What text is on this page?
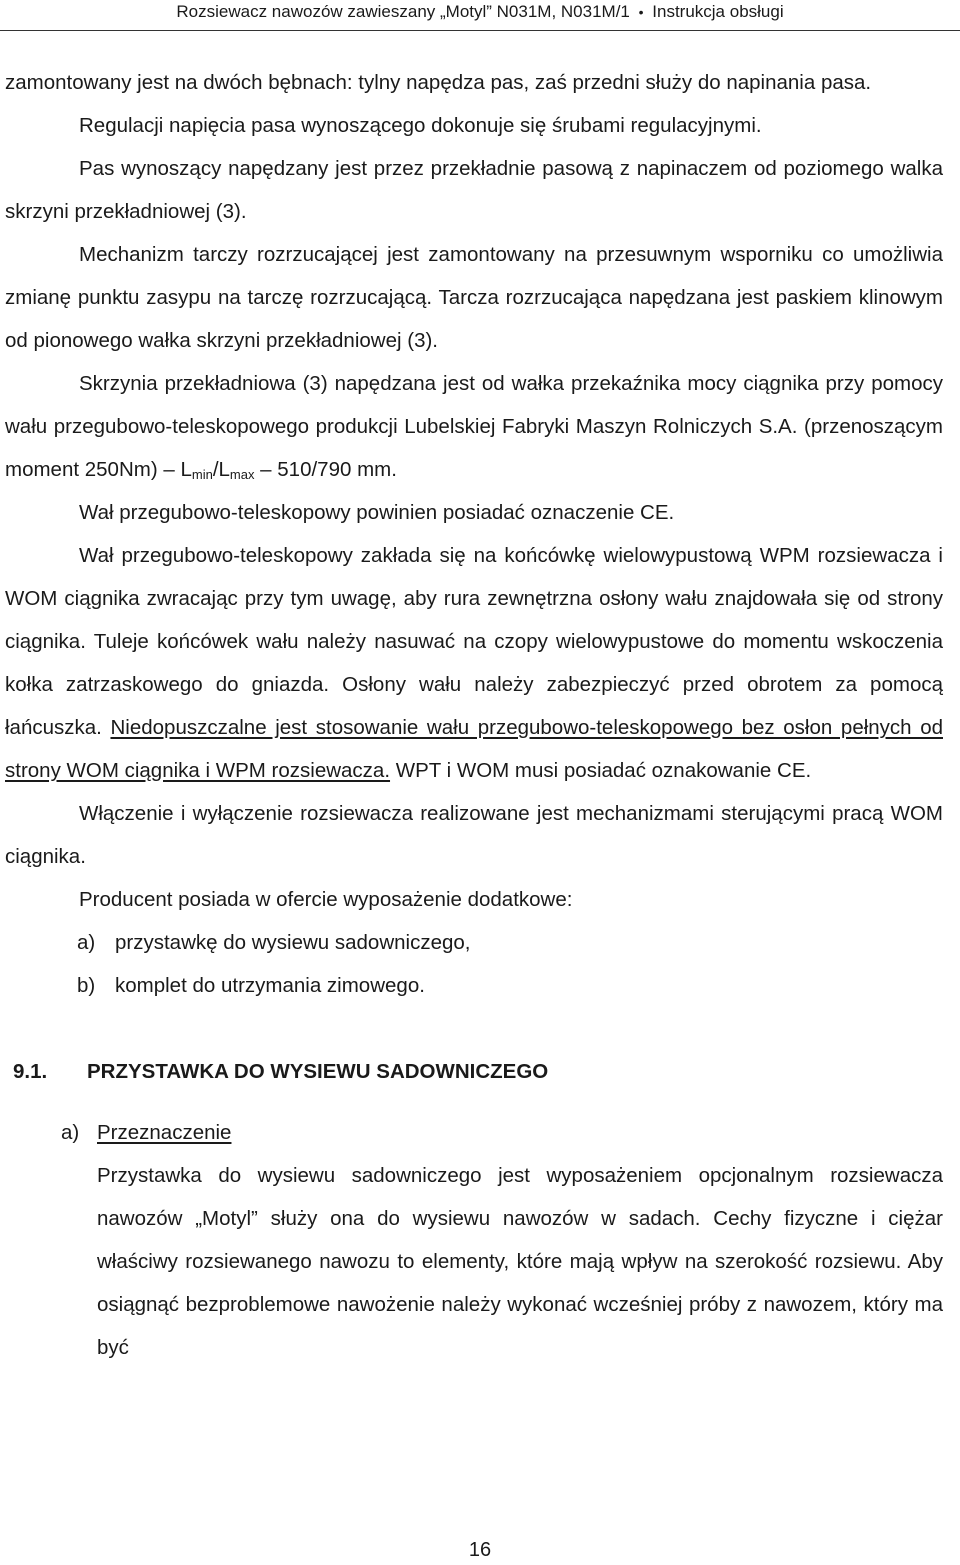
Rozsiewacz nawozów zawieszany „Motyl” N031M, N031M/1 • Instrukcja obsługi

zamontowany jest na dwóch bębnach: tylny napędza pas, zaś przedni służy do napinania pasa.

Regulacji napięcia pasa wynoszącego dokonuje się śrubami regulacyjnymi.

Pas wynoszący napędzany jest przez przekładnie pasową z napinaczem od poziomego walka skrzyni przekładniowej (3).

Mechanizm tarczy rozrzucającej jest zamontowany na przesuwnym wsporniku co umożliwia zmianę punktu zasypu na tarczę rozrzucającą. Tarcza rozrzucająca napędzana jest paskiem klinowym od pionowego wałka skrzyni przekładniowej (3).

Skrzynia przekładniowa (3) napędzana jest od wałka przekaźnika mocy ciągnika przy pomocy wału przegubowo-teleskopowego produkcji Lubelskiej Fabryki Maszyn Rolniczych S.A. (przenoszącym moment $250Nm) - L_{min}/L_{max} - 510/790$ mm.

Wał przegubowo-teleskopowy powinien posiadać oznaczenie CE.

Wał przegubowo-teleskopowy zakłada się na końcówkę wielowypustową WPM rozsiewacza i WOM ciągnika zwracając przy tym uwagę, aby rura zewnętrzna osłony wału znajdowała się od strony ciągnika. Tuleje końcówek wału należy nasuwać na czopy wielowypustowe do momentu wskoczenia kołka zatrzaskowego do gniazda. Osłony wału należy zabezpieczyć przed obrotem za pomocą łańcuszka. Niedopuszczalne jest stosowanie wału przegubowo-teleskopowego bez osłon pełnych od strony WOM ciągnika i WPM rozsiewacza. WPT i WOM musi posiadać oznakowanie CE.

Włączenie i wyłączenie rozsiewacza realizowane jest mechanizmami sterującymi pracą WOM ciągnika.

Producent posiada w ofercie wyposażenie dodatkowe:

a) przystawkę do wysiewu sadowniczego,
b) komplet do utrzymania zimowego.
9.1. PRZYSTAWKA DO WYSIEWU SADOWNICZEGO
a) Przeznaczenie

Przystawka do wysiewu sadowniczego jest wyposażeniem opcjonalnym rozsiewacza nawozów „Motyl” służy ona do wysiewu nawozów w sadach. Cechy fizyczne i ciężar właściwy rozsiewanego nawozu to elementy, które mają wpływ na szerokość rozsiewu. Aby osiągnąć bezproblemowe nawożenie należy wykonać wcześniej próby z nawozem, który ma być

16
